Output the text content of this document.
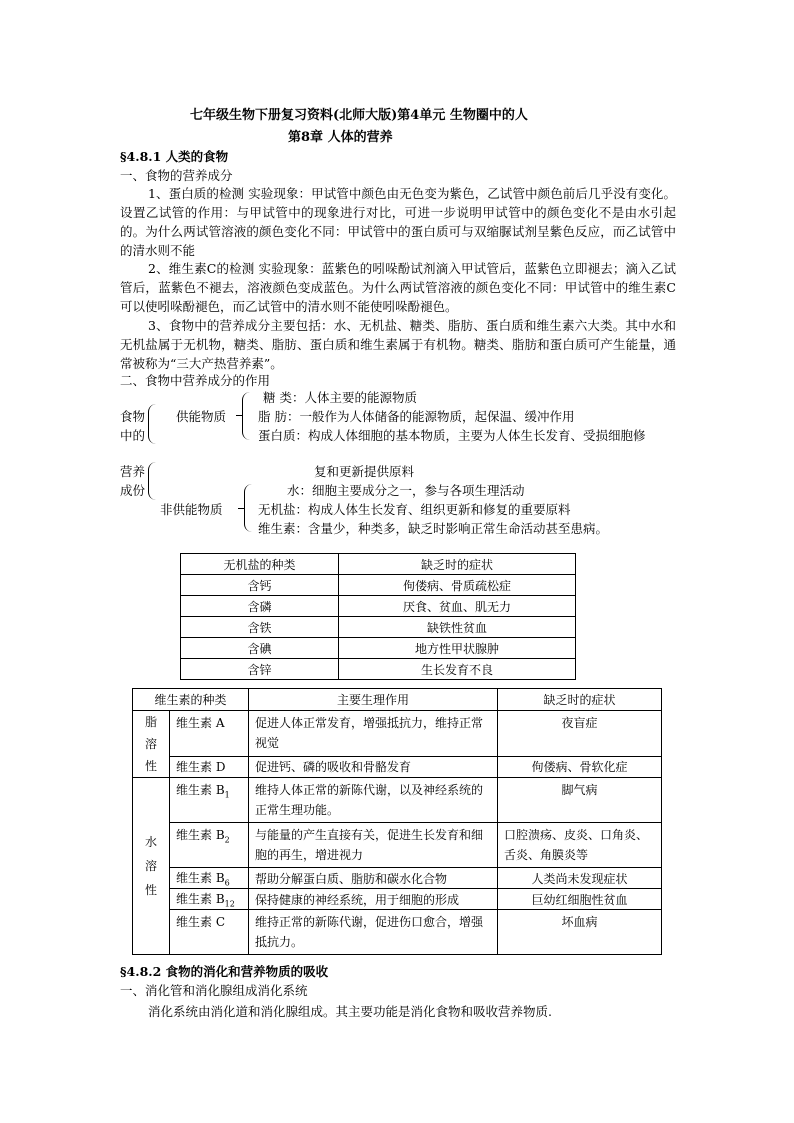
七年级生物下册复习资料(北师大版)第4单元 生物圈中的人
第8章 人体的营养
§4.8.1 人类的食物
一、食物的营养成分

1、蛋白质的检测 实验现象：甲试管中颜色由无色变为紫色，乙试管中颜色前后几乎没有变化。设置乙试管的作用：与甲试管中的现象进行对比，可进一步说明甲试管中的颜色变化不是由水引起的。为什么两试管溶液的颜色变化不同：甲试管中的蛋白质可与双缩脲试剂呈紫色反应，而乙试管中的清水则不能

2、维生素C的检测 实验现象：蓝紫色的吲哚酚试剂滴入甲试管后，蓝紫色立即褪去；滴入乙试管后，蓝紫色不褪去，溶液颜色变成蓝色。为什么两试管溶液的颜色变化不同：甲试管中的维生素C可以使吲哚酚褪色，而乙试管中的清水则不能使吲哚酚褪色。

3、食物中的营养成分主要包括：水、无机盐、糖类、脂肪、蛋白质和维生素六大类。其中水和无机盐属于无机物，糖类、脂肪、蛋白质和维生素属于有机物。糖类、脂肪和蛋白质可产生能量，通常被称为“三大产热营养素”。

二、食物中营养成分的作用
食物
中的
营养
成份
供能物质
糖 类：人体主要的能源物质
脂 肪：一般作为人体储备的能源物质，起保温、缓冲作用
蛋白质：构成人体细胞的基本物质，主要为人体生长发育、受损细胞修
复和更新提供原料
非供能物质
水：细胞主要成分之一，参与各项生理活动
无机盐：构成人体生长发育、组织更新和修复的重要原料
维生素：含量少，种类多，缺乏时影响正常生命活动甚至患病。
无机盐的种类	缺乏时的症状
含钙	佝偻病、骨质疏松症
含磷	厌食、贫血、肌无力
含铁	缺铁性贫血
含碘	地方性甲状腺肿
含锌	生长发育不良
维生素的种类		主要生理作用	缺乏时的症状
脂溶性	维生素 A	促进人体正常发育，增强抵抗力，维持正常视觉	夜盲症
	维生素 D	促进钙、磷的吸收和骨骼发育	佝偻病、骨软化症
水溶性	维生素 $B_1$	维持人体正常的新陈代谢，以及神经系统的正常生理功能。	脚气病
	维生素 $B_2$	与能量的产生直接有关，促进生长发育和细胞的再生，增进视力	口腔溃疡、皮炎、口角炎、舌炎、角膜炎等
	维生素 $B_6$	帮助分解蛋白质、脂肪和碳水化合物	人类尚未发现症状
	维生素 $B_{12}$	保持健康的神经系统，用于细胞的形成	巨幼红细胞性贫血
	维生素 C	维持正常的新陈代谢，促进伤口愈合，增强抵抗力。	坏血病
§4.8.2 食物的消化和营养物质的吸收
一、消化管和消化腺组成消化系统
消化系统由消化道和消化腺组成。其主要功能是消化食物和吸收营养物质.
